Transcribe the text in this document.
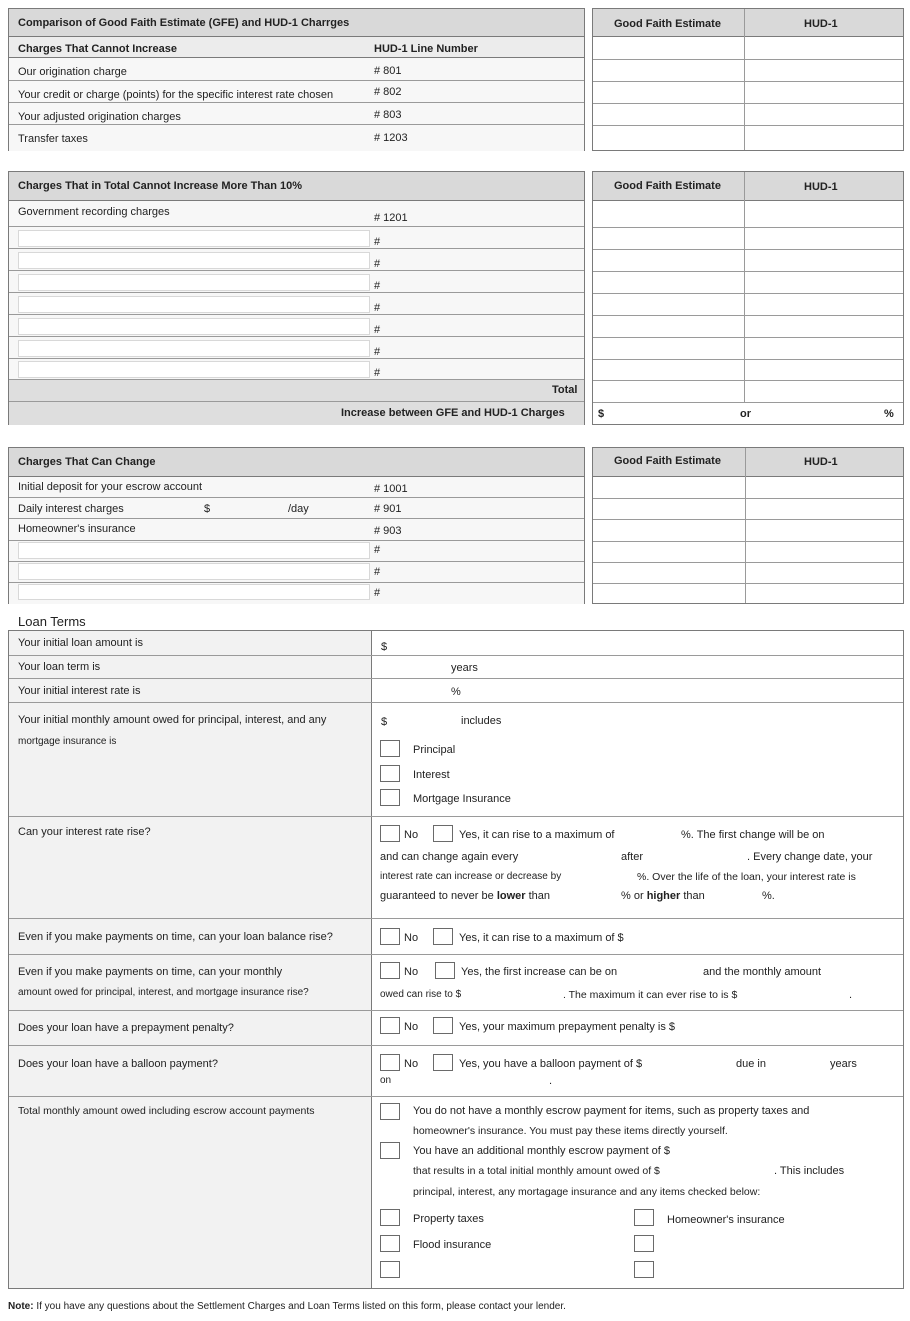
Comparison of Good Faith Estimate (GFE) and HUD-1 Charrges
Charges That Cannot Increase	HUD-1 Line Number
Our origination charge	# 801
Your credit or charge (points) for the specific interest rate chosen	# 802
Your adjusted origination charges	# 803
Transfer taxes	# 1203
Good Faith Estimate	HUD-1
Charges That in Total Cannot Increase More Than 10%
Government recording charges	# 1201
#
#
#
#
#
#
#
Total
Increase between GFE and HUD-1 Charges
Good Faith Estimate	HUD-1
$	or	%
Charges That Can Change
Initial deposit for your escrow account	# 1001
Daily interest charges	$	/day	# 901
Homeowner's insurance	# 903
#
#
#
Good Faith Estimate	HUD-1
Loan Terms
Your initial loan amount is	$
Your loan term is	years
Your initial interest rate is	%
Your initial monthly amount owed for principal, interest, and any
mortgage insurance is
$	includes
Principal
Interest
Mortgage Insurance
Can your interest rate rise?	No	Yes, it can rise to a maximum of	%. The first change will be on
and can change again every	after	. Every change date, your
interest rate can increase or decrease by	%. Over the life of the loan, your interest rate is
guaranteed to never be lower than	% or higher than	%.
Even if you make payments on time, can your loan balance rise?	No	Yes, it can rise to a maximum of $
Even if you make payments on time, can your monthly
amount owed for principal, interest, and mortgage insurance rise?
No	Yes, the first increase can be on	and the monthly amount
owed can rise to $	. The maximum it can ever rise to is $	.
Does your loan have a prepayment penalty?	No	Yes, your maximum prepayment penalty is $
Does your loan have a balloon payment?	No	Yes, you have a balloon payment of $	due in	years
on	.
Total monthly amount owed including escrow account payments	You do not have a monthly escrow payment for items, such as property taxes and
homeowner's insurance. You must pay these items directly yourself.
You have an additional monthly escrow payment of $
that results in a total initial monthly amount owed of $	. This includes
principal, interest, any mortagage insurance and any items checked below:
Property taxes	Homeowner's insurance
Flood insurance
Note: If you have any questions about the Settlement Charges and Loan Terms listed on this form, please contact your lender.
